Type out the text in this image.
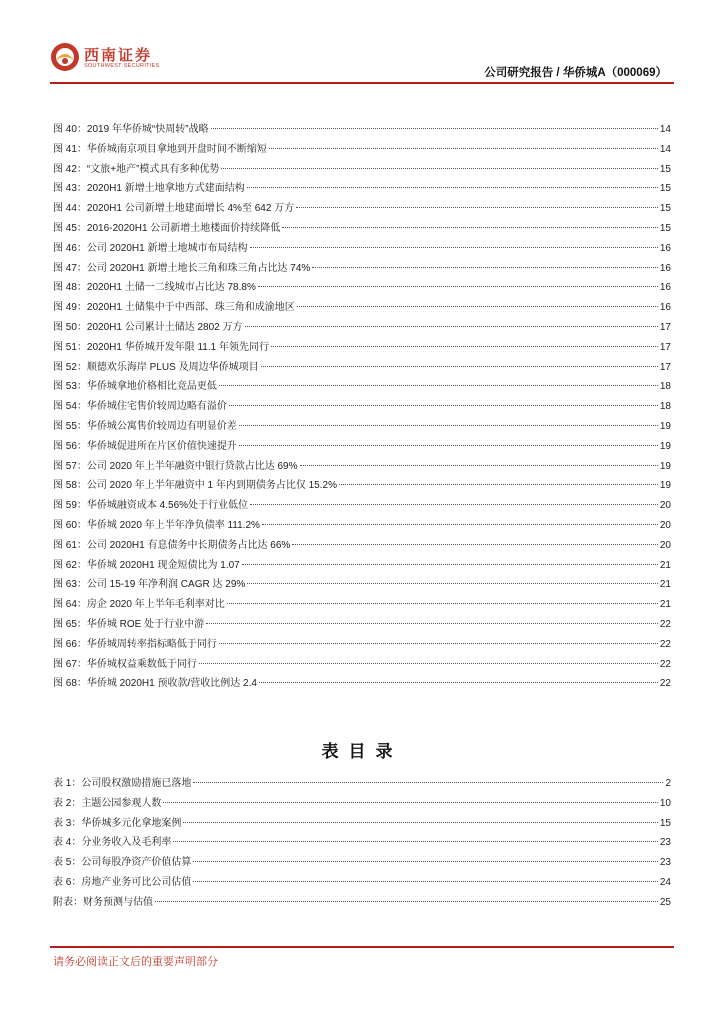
西南证券
SOUTHWEST SECURITIES
公司研究报告 / 华侨城A（000069）
图 40：2019 年华侨城“快周转”战略	14
图 41：华侨城南京项目拿地到开盘时间不断缩短	14
图 42：“文旅+地产”模式具有多种优势	15
图 43：2020H1 新增土地拿地方式建面结构	15
图 44：2020H1 公司新增土地建面增长 4%至 642 万方	15
图 45：2016-2020H1 公司新增土地楼面价持续降低	15
图 46：公司 2020H1 新增土地城市布局结构	16
图 47：公司 2020H1 新增土地长三角和珠三角占比达 74%	16
图 48：2020H1 土储一二线城市占比达 78.8%	16
图 49：2020H1 土储集中于中西部、珠三角和成渝地区	16
图 50：2020H1 公司累计土储达 2802 万方	17
图 51：2020H1 华侨城开发年限 11.1 年领先同行	17
图 52：顺德欢乐海岸 PLUS 及周边华侨城项目	17
图 53：华侨城拿地价格相比竞品更低	18
图 54：华侨城住宅售价较周边略有溢价	18
图 55：华侨城公寓售价较周边有明显价差	19
图 56：华侨城促进所在片区价值快速提升	19
图 57：公司 2020 年上半年融资中银行贷款占比达 69%	19
图 58：公司 2020 年上半年融资中 1 年内到期债务占比仅 15.2%	19
图 59：华侨城融资成本 4.56%处于行业低位	20
图 60：华侨城 2020 年上半年净负债率 111.2%	20
图 61：公司 2020H1 有息债务中长期债务占比达 66%	20
图 62：华侨城 2020H1 现金短债比为 1.07	21
图 63：公司 15-19 年净利润 CAGR 达 29%	21
图 64：房企 2020 年上半年毛利率对比	21
图 65：华侨城 ROE 处于行业中游	22
图 66：华侨城周转率指标略低于同行	22
图 67：华侨城权益乘数低于同行	22
图 68：华侨城 2020H1 预收款/营收比例达 2.4	22
表目录
表 1：公司股权激励措施已落地	2
表 2：主题公园参观人数	10
表 3：华侨城多元化拿地案例	15
表 4：分业务收入及毛利率	23
表 5：公司每股净资产价值估算	23
表 6：房地产业务可比公司估值	24
附表：财务预测与估值	25
请务必阅读正文后的重要声明部分
